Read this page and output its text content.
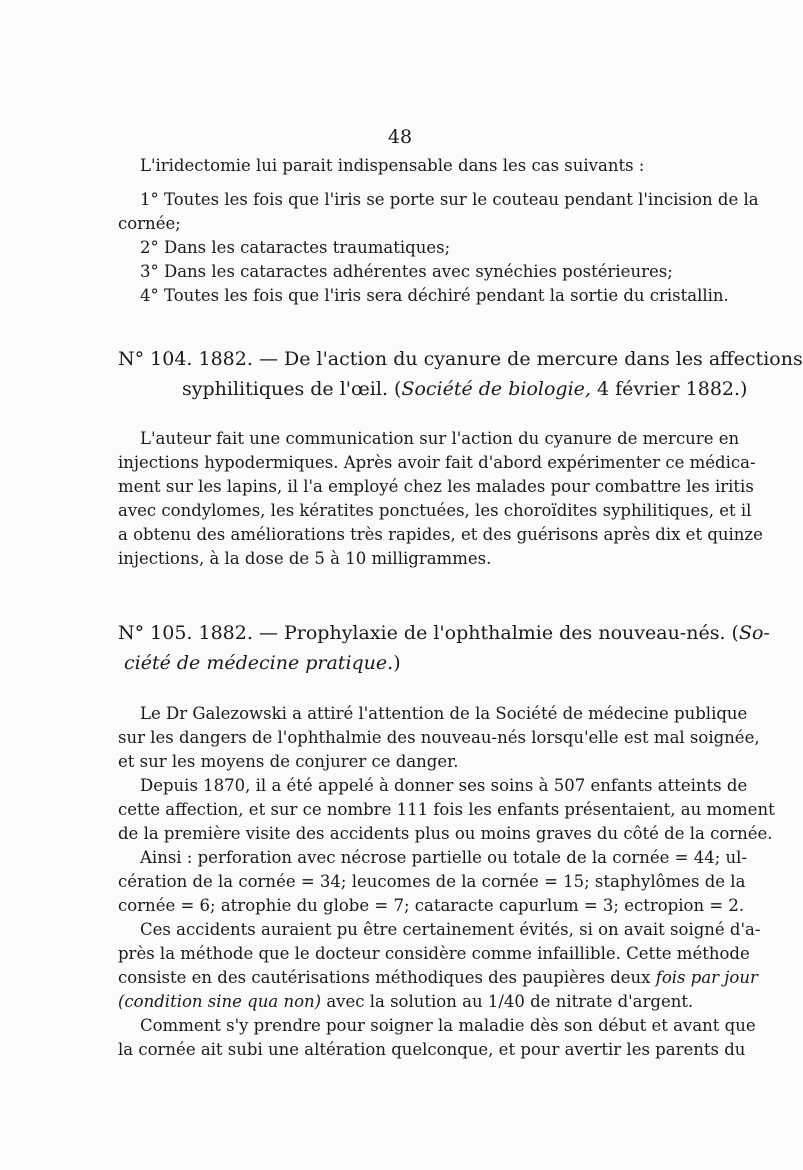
48
L'iridectomie lui parait indispensable dans les cas suivants :
1° Toutes les fois que l'iris se porte sur le couteau pendant l'incision de la
cornée;
2° Dans les cataractes traumatiques;
3° Dans les cataractes adhérentes avec synéchies postérieures;
4° Toutes les fois que l'iris sera déchiré pendant la sortie du cristallin.
N° 104. 1882. — De l'action du cyanure de mercure dans les affections
syphilitiques de l'œil. (Société de biologie, 4 février 1882.)
L'auteur fait une communication sur l'action du cyanure de mercure en
injections hypodermiques. Après avoir fait d'abord expérimenter ce médica-
ment sur les lapins, il l'a employé chez les malades pour combattre les iritis
avec condylomes, les kératites ponctuées, les choroïdites syphilitiques, et il
a obtenu des améliorations très rapides, et des guérisons après dix et quinze
injections, à la dose de 5 à 10 milligrammes.
N° 105. 1882. — Prophylaxie de l'ophthalmie des nouveau-nés. (So-
ciété de médecine pratique.)
Le Dr Galezowski a attiré l'attention de la Société de médecine publique
sur les dangers de l'ophthalmie des nouveau-nés lorsqu'elle est mal soignée,
et sur les moyens de conjurer ce danger.
Depuis 1870, il a été appelé à donner ses soins à 507 enfants atteints de
cette affection, et sur ce nombre 111 fois les enfants présentaient, au moment
de la première visite des accidents plus ou moins graves du côté de la cornée.
Ainsi : perforation avec nécrose partielle ou totale de la cornée = 44; ul-
cération de la cornée = 34; leucomes de la cornée = 15; staphylômes de la
cornée = 6; atrophie du globe = 7; cataracte capurlum = 3; ectropion = 2.
Ces accidents auraient pu être certainement évités, si on avait soigné d'a-
près la méthode que le docteur considère comme infaillible. Cette méthode
consiste en des cautérisations méthodiques des paupières deux fois par jour
(condition sine qua non) avec la solution au 1/40 de nitrate d'argent.
Comment s'y prendre pour soigner la maladie dès son début et avant que
la cornée ait subi une altération quelconque, et pour avertir les parents du
